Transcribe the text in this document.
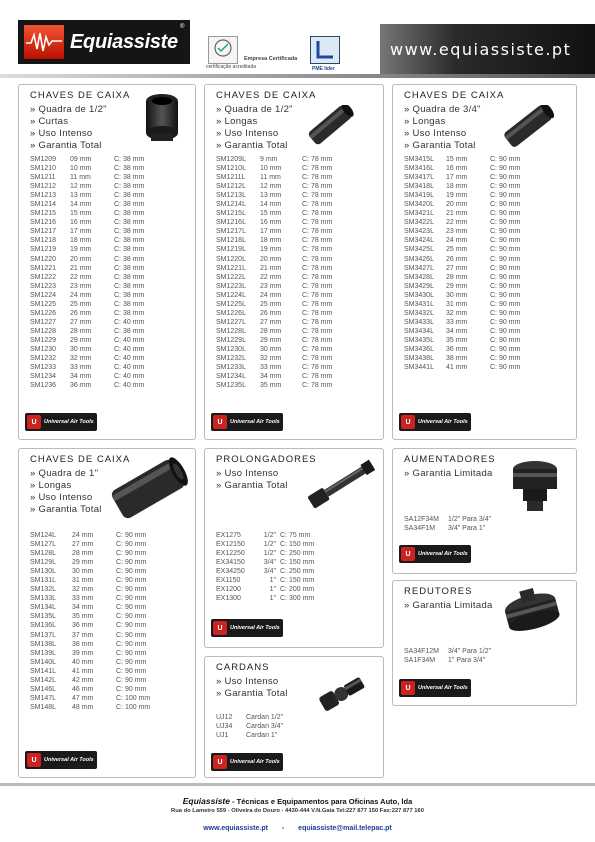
Equiassiste
®
certificação acreditada
Empresa Certificada
PME lider
www.equiassiste.pt
CHAVES DE CAIXA
» Quadra de 1/2"
» Curtas
» Uso Intenso
» Garantia Total
SM1209 09 mm	C: 38 mm
SM1210 10 mm	C: 38 mm
SM1211 11 mm	C: 38 mm
SM1212 12 mm	C: 38 mm
SM1213 13 mm	C: 38 mm
SM1214 14 mm	C: 38 mm
SM1215 15 mm	C: 38 mm
SM1216 16 mm	C: 38 mm
SM1217 17 mm	C: 38 mm
SM1218 18 mm	C: 38 mm
SM1219 19 mm	C: 38 mm
SM1220 20 mm	C: 38 mm
SM1221 21 mm	C: 38 mm
SM1222 22 mm	C: 38 mm
SM1223 23 mm	C: 38 mm
SM1224 24 mm	C: 38 mm
SM1225 25 mm	C: 38 mm
SM1226 26 mm	C: 38 mm
SM1227 27 mm	C: 40 mm
SM1228 28 mm	C: 38 mm
SM1229 29 mm	C: 40 mm
SM1230 30 mm	C: 40 mm
SM1232 32 mm	C: 40 mm
SM1233 33 mm	C: 40 mm
SM1234 34 mm	C: 40 mm
SM1236 36 mm	C: 40 mm
U	Universal Air Tools
CHAVES DE CAIXA
» Quadra de 1/2"
» Longas
» Uso Intenso
» Garantia Total
SM1209L 9 mm	C: 78 mm
SM1210L 10 mm	C: 78 mm
SM1211L 11 mm	C: 78 mm
SM1212L 12 mm	C: 78 mm
SM1213L 13 mm	C: 78 mm
SM1214L 14 mm	C: 78 mm
SM1215L 15 mm	C: 78 mm
SM1216L 16 mm	C: 78 mm
SM1217L 17 mm	C: 78 mm
SM1218L 18 mm	C: 78 mm
SM1219L 19 mm	C: 78 mm
SM1220L 20 mm	C: 78 mm
SM1221L 21 mm	C: 78 mm
SM1222L 22 mm	C: 78 mm
SM1223L 23 mm	C: 78 mm
SM1224L 24 mm	C: 78 mm
SM1225L 25 mm	C: 78 mm
SM1226L 26 mm	C: 78 mm
SM1227L 27 mm	C: 78 mm
SM1228L 28 mm	C: 78 mm
SM1229L 29 mm	C: 78 mm
SM1230L 30 mm	C: 78 mm
SM1232L 32 mm	C: 78 mm
SM1233L 33 mm	C: 78 mm
SM1234L 34 mm	C: 78 mm
SM1235L 35 mm	C: 78 mm
U	Universal Air Tools
CHAVES DE CAIXA
» Quadra de 3/4"
» Longas
» Uso Intenso
» Garantia Total
SM3415L 15 mm	C: 90 mm
SM3416L 16 mm	C: 90 mm
SM3417L 17 mm	C: 90 mm
SM3418L 18 mm	C: 90 mm
SM3419L 19 mm	C: 90 mm
SM3420L 20 mm	C: 90 mm
SM3421L 21 mm	C: 90 mm
SM3422L 22 mm	C: 90 mm
SM3423L 23 mm	C: 90 mm
SM3424L 24 mm	C: 90 mm
SM3425L 25 mm	C: 90 mm
SM3426L 26 mm	C: 90 mm
SM3427L 27 mm	C: 90 mm
SM3428L 28 mm	C: 90 mm
SM3429L 29 mm	C: 90 mm
SM3430L 30 mm	C: 90 mm
SM3431L 31 mm	C: 90 mm
SM3432L 32 mm	C: 90 mm
SM3433L 33 mm	C: 90 mm
SM3434L 34 mm	C: 90 mm
SM3435L 35 mm	C: 90 mm
SM3436L 36 mm	C: 90 mm
SM3438L 38 mm	C: 90 mm
SM3441L 41 mm	C: 90 mm
U	Universal Air Tools
CHAVES DE CAIXA
» Quadra de 1"
» Longas
» Uso Intenso
» Garantia Total
SM124L 24 mm	C: 90 mm
SM127L 27 mm	C: 90 mm
SM128L 28 mm	C: 90 mm
SM129L 29 mm	C: 90 mm
SM130L 30 mm	C: 90 mm
SM131L 31 mm	C: 90 mm
SM132L 32 mm	C: 90 mm
SM133L 33 mm	C: 90 mm
SM134L 34 mm	C: 90 mm
SM135L 35 mm	C: 90 mm
SM136L 36 mm	C: 90 mm
SM137L 37 mm	C: 90 mm
SM138L 38 mm	C: 90 mm
SM139L 39 mm	C: 90 mm
SM140L 40 mm	C: 90 mm
SM141L 41 mm	C: 90 mm
SM142L 42 mm	C: 90 mm
SM146L 46 mm	C: 90 mm
SM147L 47 mm	C: 100 mm
SM148L 48 mm	C: 100 mm
U	Universal Air Tools
PROLONGADORES
» Uso Intenso
» Garantia Total
EX1275	1/2" C: 75 mm
EX12150	1/2" C: 150 mm
EX12250	1/2" C: 250 mm
EX34150	3/4" C: 150 mm
EX34250	3/4" C: 250 mm
EX1150	1" C: 150 mm
EX1200	1" C: 200 mm
EX1300	1" C: 300 mm
U	Universal Air Tools
CARDANS
» Uso Intenso
» Garantia Total
UJ12 Cardan 1/2"
UJ34 Cardan 3/4"
UJ1	Cardan 1"
U	Universal Air Tools
AUMENTADORES
» Garantia Limitada
SA12F34M 1/2" Para 3/4"
SA34F1M 3/4" Para 1"
U	Universal Air Tools
REDUTORES
» Garantia Limitada
SA34F12M 3/4" Para 1/2"
SA1F34M 1" Para 3/4"
U	Universal Air Tools
Equiassiste - Técnicas e Equipamentos para Oficinas Auto, lda
Rua do Lameiro 559 - Oliveira do Douro - 4430-444 V.N.Gaia Tel:227 877 150 Fax:227 877 160
www.equiassiste.pt - equiassiste@mail.telepac.pt
